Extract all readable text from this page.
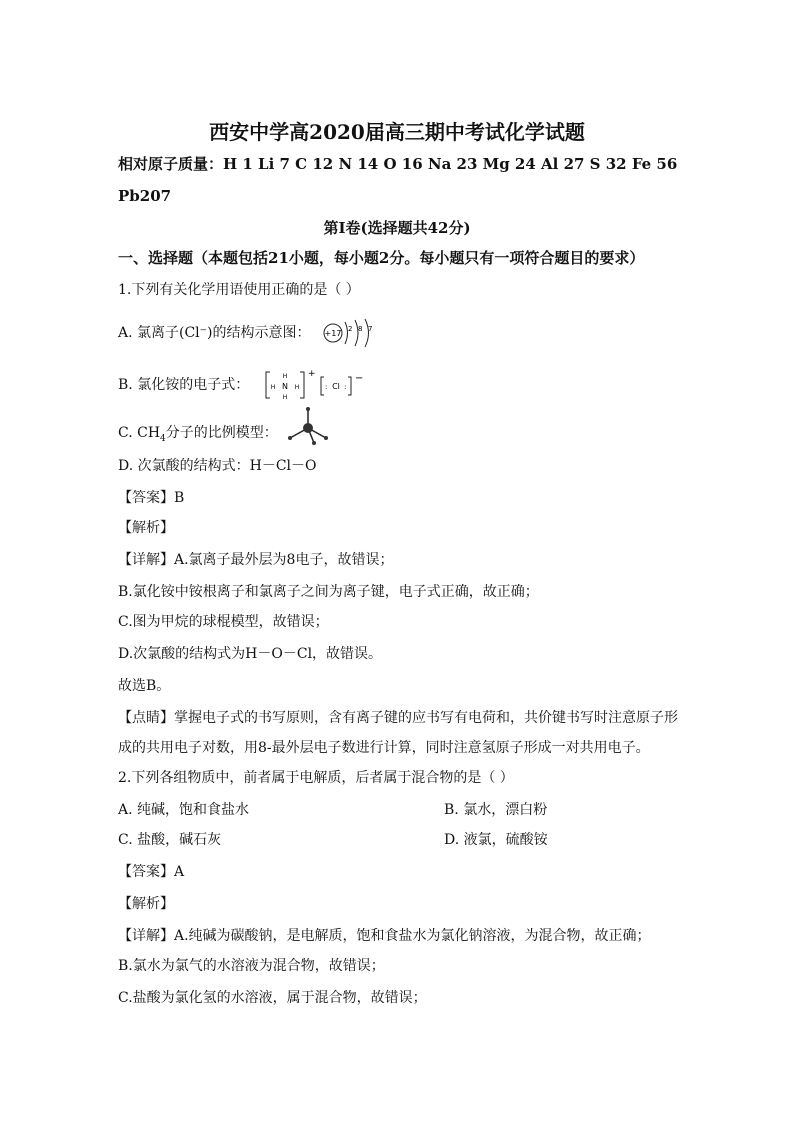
西安中学高2020届高三期中考试化学试题
相对原子质量：H 1 Li 7 C 12 N 14 O 16 Na 23 Mg 24 Al 27 S 32 Fe 56
Pb207
第Ⅰ卷(选择题共42分)
一、选择题（本题包括21小题，每小题2分。每小题只有一项符合题目的要求）
1.下列有关化学用语使用正确的是（ ）
A. 氯离子(Cl⁻)的结构示意图： +17 2 8 7
B. 氯化铵的电子式：	N
H
H
H	H
+
Cl
: :
−
C. $CH_4$分子的比例模型：
D. 次氯酸的结构式：H－Cl－O
【答案】B
【解析】
【详解】A.氯离子最外层为8电子，故错误；
B.氯化铵中铵根离子和氯离子之间为离子键，电子式正确，故正确；
C.图为甲烷的球棍模型，故错误；
D.次氯酸的结构式为H－O－Cl，故错误。
故选B。
【点睛】掌握电子式的书写原则，含有离子键的应书写有电荷和，共价键书写时注意原子形
成的共用电子对数，用8-最外层电子数进行计算，同时注意氢原子形成一对共用电子。
2.下列各组物质中，前者属于电解质，后者属于混合物的是（ ）
A. 纯碱，饱和食盐水	B. 氯水，漂白粉
C. 盐酸，碱石灰	D. 液氯，硫酸铵
【答案】A
【解析】
【详解】A.纯碱为碳酸钠，是电解质，饱和食盐水为氯化钠溶液，为混合物，故正确；
B.氯水为氯气的水溶液为混合物，故错误；
C.盐酸为氯化氢的水溶液，属于混合物，故错误；
